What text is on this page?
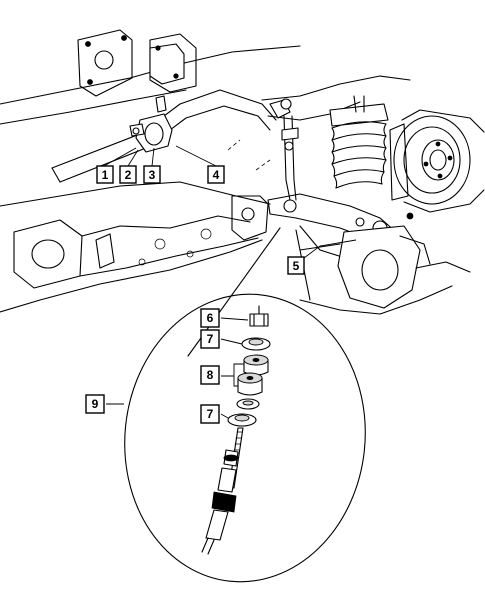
1 2 3	4
5
6
7
8
7
9
